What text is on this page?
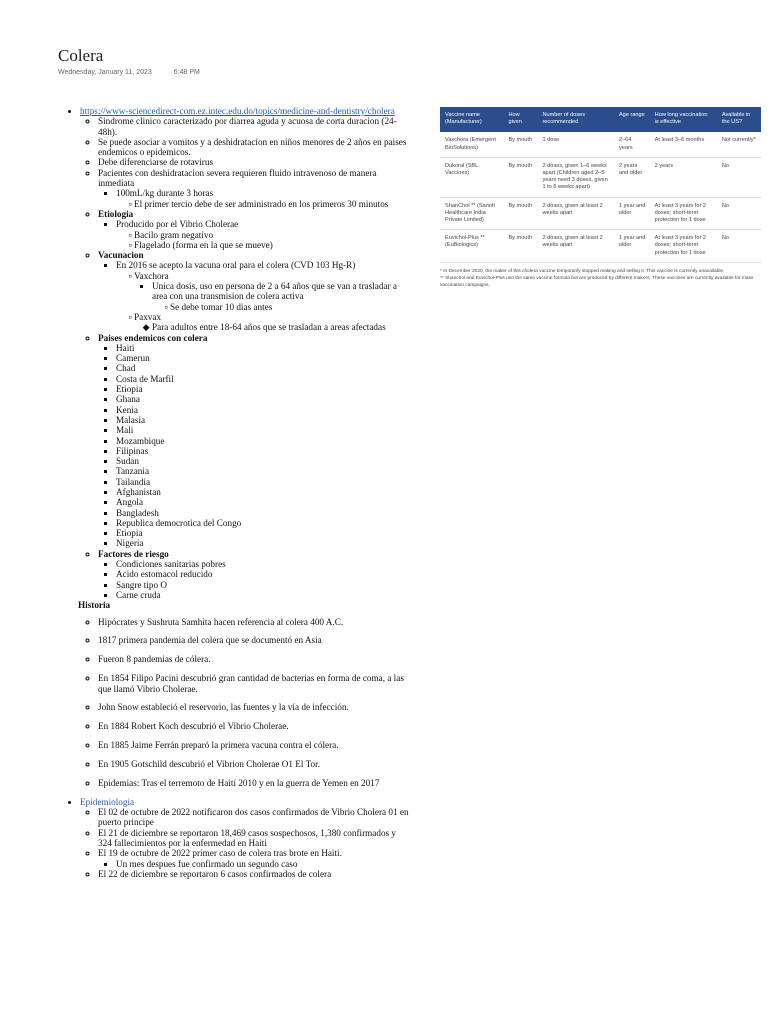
Colera
Wednesday, January 11, 2023	6:48 PM
• https://www-sciencedirect-com.ez.intec.edu.do/topics/medicine-and-dentistry/cholera
◦ Sindrome clinico caracterizado por diarrea aguda y acuosa de corta duracion (24-48h).
◦ Se puede asociar a vomitos y a deshidratacion en niños menores de 2 años en paises endemicos o epidemicos.
◦ Debe diferenciarse de rotavirus
◦ Pacientes con deshidratacion severa requieren fluido intravenoso de manera inmediata
▪ 100mL/kg durante 3 horas
▫ El primer tercio debe de ser administrado en los primeros 30 minutos
◦ Etiologia
▪ Producido por el Vibrio Cholerae
▫ Bacilo gram negativo
▫ Flagelado (forma en la que se mueve)
◦ Vacunacion
▪ En 2016 se acepto la vacuna oral para el colera (CVD 103 Hg-R)
▫ Vaxchora
▪ Unica dosis, uso en persona de 2 a 64 años que se van a trasladar a area con una transmision de colera activa
▫ Se debe tomar 10 dias antes
▫ Paxvax
◆ Para adultos entre 18-64 años que se trasladan a areas afectadas
◦ Paises endemicos con colera
▪ Haiti
▪ Camerun
▪ Chad
▪ Costa de Marfil
▪ Etiopia
▪ Ghana
▪ Kenia
▪ Malasia
▪ Mali
▪ Mozambique
▪ Filipinas
▪ Sudan
▪ Tanzania
▪ Tailandia
▪ Afghanistan
▪ Angola
▪ Bangladesh
▪ Republica democrotica del Congo
▪ Etiopia
▪ Nigeria
◦ Factores de riesgo
▪ Condiciones sanitarias pobres
▪ Acido estomacol reducido
▪ Sangre tipo O
▪ Carne cruda
Historia
◦ Hipócrates y Sushruta Samhita hacen referencia al colera 400 A.C.
◦ 1817 primera pandemia del colera que se documentó en Asia
◦ Fueron 8 pandemias de cólera.
◦ En 1854 Filipo Pacini descubrió gran cantidad de bacterias en forma de coma, a las que llamó Vibrio Cholerae.
◦ John Snow estableció el reservorio, las fuentes y la vía de infección.
◦ En 1884 Robert Koch descubrió el Vibrio Cholerae.
◦ En 1885 Jaime Ferrán preparó la primera vacuna contra el cólera.
◦ En 1905 Gotschild descubrió el Vibrion Cholerae O1 El Tor.
◦ Epidemias: Tras el terremoto de Haití 2010 y en la guerra de Yemen en 2017
• Epidemiologia
◦ El 02 de octubre de 2022 notificaron dos casos confirmados de Vibrio Cholera 01 en puerto principe
◦ El 21 de diciembre se reportaron 18,469 casos sospechosos, 1,380 confirmados y 324 fallecimientos por la enfermedad en Haiti
◦ El 19 de octubre de 2022 primer caso de colera tras brote en Haiti.
▪ Un mes despues fue confirmado un segundo caso
◦ El 22 de diciembre se reportaron 6 casos confirmados de colera
Vaccine name (Manufacturer)	How given	Number of doses recommended	Age range	How long vaccination is effective	Available in the US?
Vaxchora (Emergent BioSolutions)	By mouth	1 dose	2–64 years	At least 3–6 months	Not currently*
Dukoral (SBL Vaccines)	By mouth	2 doses, given 1–6 weeks apart (Children aged 2–5 years need 3 doses, given 1 to 6 weeks apart)	2 years and older	2 years	No
ShanChol ** (Sanofi Healthcare India Private Limited)	By mouth	2 doses, given at least 2 weeks apart	1 year and older	At least 3 years for 2 doses; short-term protection for 1 dose	No
Euvichol-Plus ** (EuBiologics)	By mouth	2 doses, given at least 2 weeks apart	1 year and older	At least 3 years for 2 doses; short-term protection for 1 dose	No
* In December 2020, the maker of this cholera vaccine temporarily stopped making and selling it. This vaccine is currently unavailable.
** Shanchol and Euvichol-Plus use the same vaccine formula but are produced by different makers. These vaccines are currently available for mass vaccination campaigns.
